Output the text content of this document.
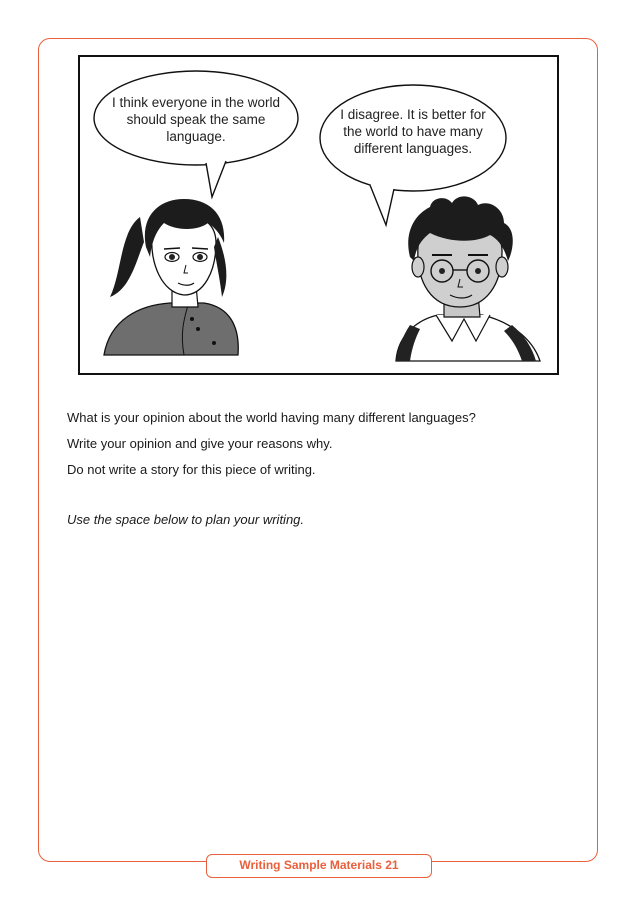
I think everyone in the world should speak the same language.
I disagree. It is better for the world to have many different languages.
What is your opinion about the world having many different languages?
Write your opinion and give your reasons why.
Do not write a story for this piece of writing.
Use the space below to plan your writing.
Writing Sample Materials 21
